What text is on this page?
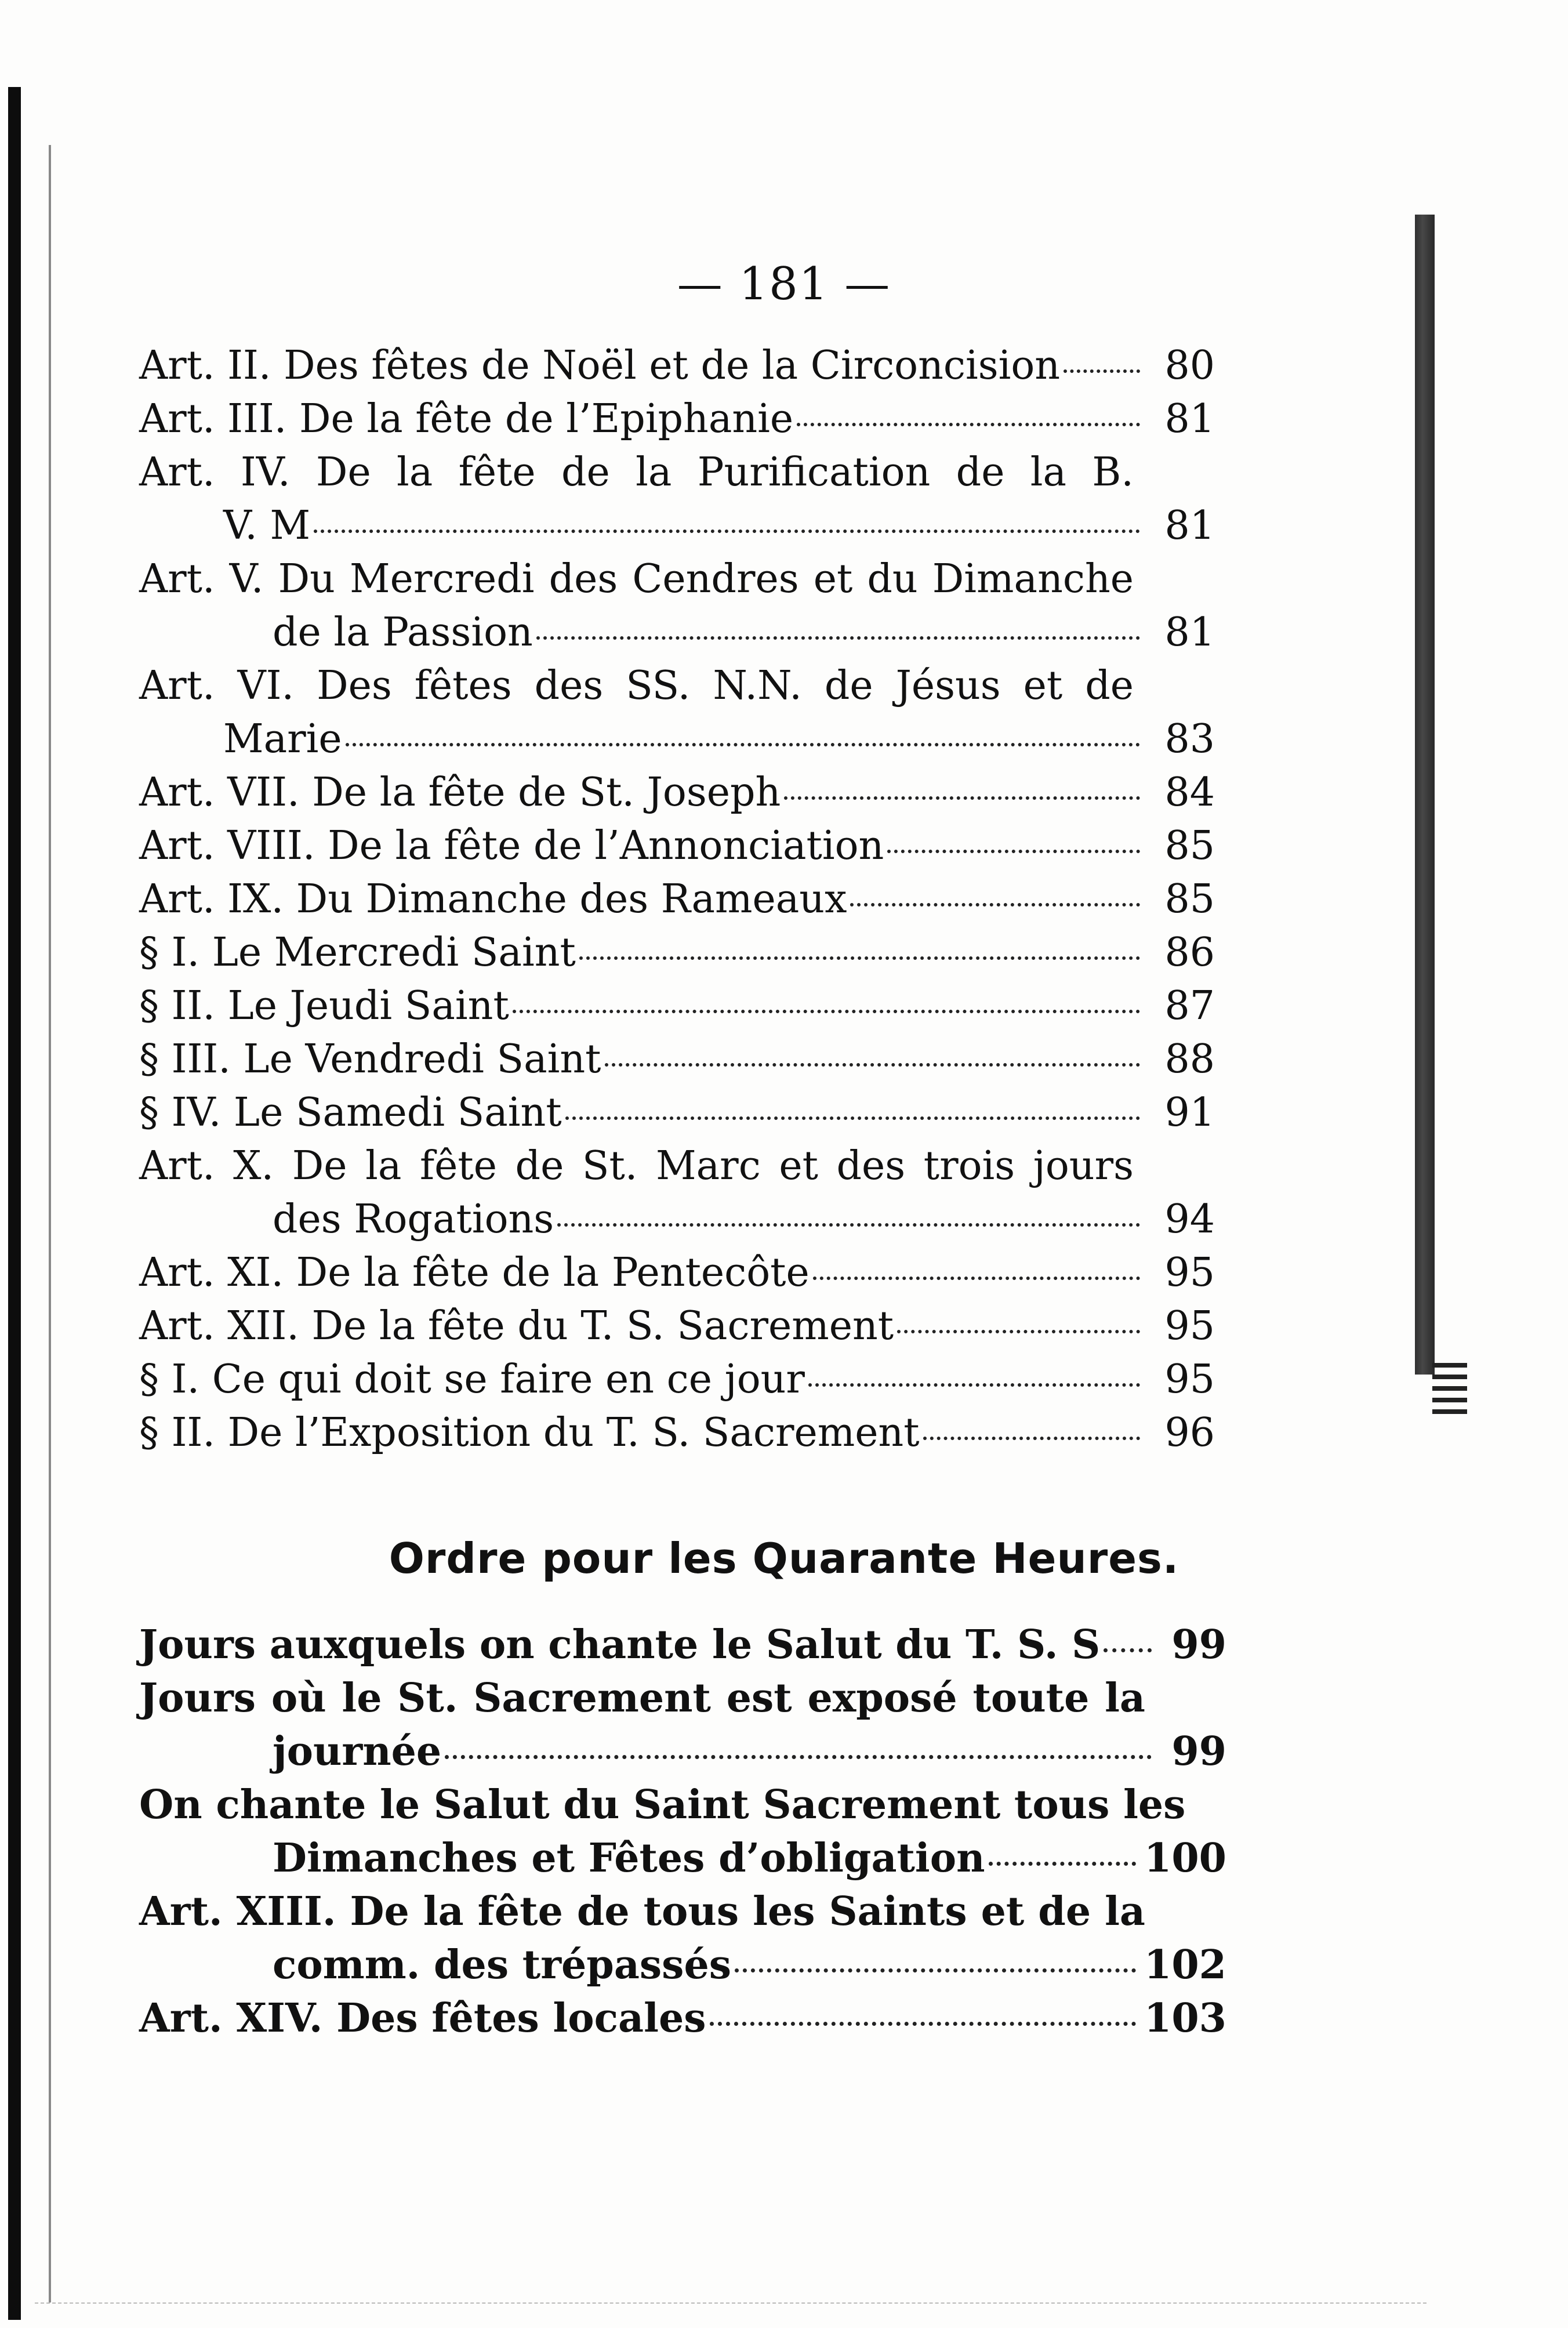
— 181 —
Art. II. Des fêtes de Noël et de la Circoncision	80
Art. III. De la fête de l’Epiphanie	81
Art. IV. De la fête de la Purification de la B.
V. M	81
Art. V. Du Mercredi des Cendres et du Dimanche
de la Passion	81
Art. VI. Des fêtes des SS. N.N. de Jésus et de
Marie	83
Art. VII. De la fête de St. Joseph	84
Art. VIII. De la fête de l’Annonciation	85
Art. IX. Du Dimanche des Rameaux	85
§ I. Le Mercredi Saint	86
§ II. Le Jeudi Saint	87
§ III. Le Vendredi Saint	88
§ IV. Le Samedi Saint	91
Art. X. De la fête de St. Marc et des trois jours
des Rogations	94
Art. XI. De la fête de la Pentecôte	95
Art. XII. De la fête du T. S. Sacrement	95
§ I. Ce qui doit se faire en ce jour	95
§ II. De l’Exposition du T. S. Sacrement	96
Ordre pour les Quarante Heures.
Jours auxquels on chante le Salut du T. S. S 99
Jours où le St. Sacrement est exposé toute la
journée	99
On chante le Salut du Saint Sacrement tous les
Dimanches et Fêtes d’obligation	100
Art. XIII. De la fête de tous les Saints et de la
comm. des trépassés	102
Art. XIV. Des fêtes locales	103
